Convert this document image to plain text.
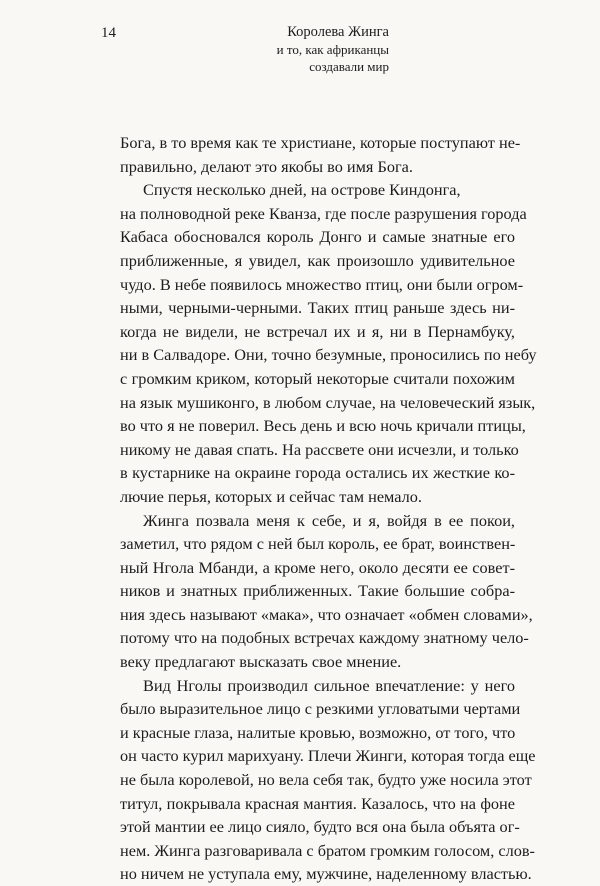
14	Королева Жинга
и то, как африканцы
создавали мир
Бога, в то время как те христиане, которые поступают не-
правильно, делают это якобы во имя Бога.
Спустя несколько дней, на острове Киндонга,
на полноводной реке Кванза, где после разрушения города
Кабаса обосновался король Донго и самые знатные его
приближенные, я увидел, как произошло удивительное
чудо. В небе появилось множество птиц, они были огром-
ными, черными-черными. Таких птиц раньше здесь ни-
когда не видели, не встречал их и я, ни в Пернамбуку,
ни в Салвадоре. Они, точно безумные, проносились по небу
с громким криком, который некоторые считали похожим
на язык мушиконго, в любом случае, на человеческий язык,
во что я не поверил. Весь день и всю ночь кричали птицы,
никому не давая спать. На рассвете они исчезли, и только
в кустарнике на окраине города остались их жесткие ко-
лючие перья, которых и сейчас там немало.
Жинга позвала меня к себе, и я, войдя в ее покои,
заметил, что рядом с ней был король, ее брат, воинствен-
ный Нгола Мбанди, а кроме него, около десяти ее совет-
ников и знатных приближенных. Такие большие собра-
ния здесь называют «мака», что означает «обмен словами»,
потому что на подобных встречах каждому знатному чело-
веку предлагают высказать свое мнение.
Вид Нголы производил сильное впечатление: у него
было выразительное лицо с резкими угловатыми чертами
и красные глаза, налитые кровью, возможно, от того, что
он часто курил марихуану. Плечи Жинги, которая тогда еще
не была королевой, но вела себя так, будто уже носила этот
титул, покрывала красная мантия. Казалось, что на фоне
этой мантии ее лицо сияло, будто вся она была объята ог-
нем. Жинга разговаривала с братом громким голосом, слов-
но ничем не уступала ему, мужчине, наделенному властью.
